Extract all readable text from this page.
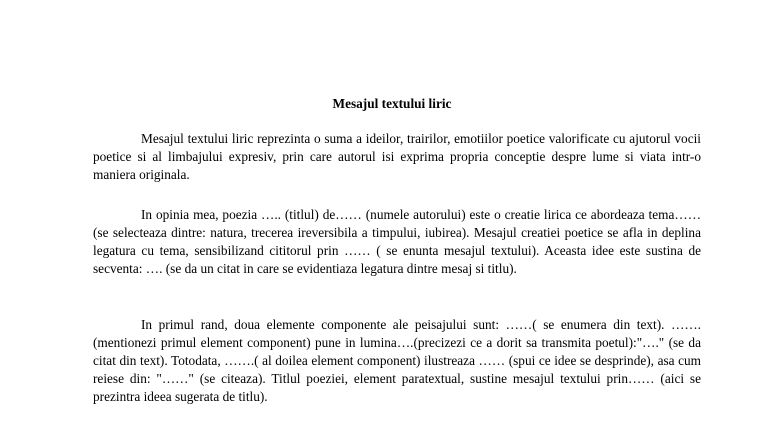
Mesajul textului liric

Mesajul textului liric reprezinta o suma a ideilor, trairilor, emotiilor poetice valorificate cu ajutorul vocii poetice si al limbajului expresiv, prin care autorul isi exprima propria conceptie despre lume si viata intr-o maniera originala.

In opinia mea, poezia ….. (titlul) de…… (numele autorului) este o creatie lirica ce abordeaza tema…… (se selecteaza dintre: natura, trecerea ireversibila a timpului, iubirea). Mesajul creatiei poetice se afla in deplina legatura cu tema, sensibilizand cititorul prin …… ( se enunta mesajul textului). Aceasta idee este sustina de secventa: …. (se da un citat in care se evidentiaza legatura dintre mesaj si titlu).

In primul rand, doua elemente componente ale peisajului sunt: ……( se enumera din text). …….(mentionezi primul element component) pune in lumina….(precizezi ce a dorit sa transmita poetul):"…." (se da citat din text). Totodata, …….( al doilea element component) ilustreaza …… (spui ce idee se desprinde), asa cum reiese din: "……" (se citeaza). Titlul poeziei, element paratextual, sustine mesajul textului prin…… (aici se prezintra ideea sugerata de titlu).
